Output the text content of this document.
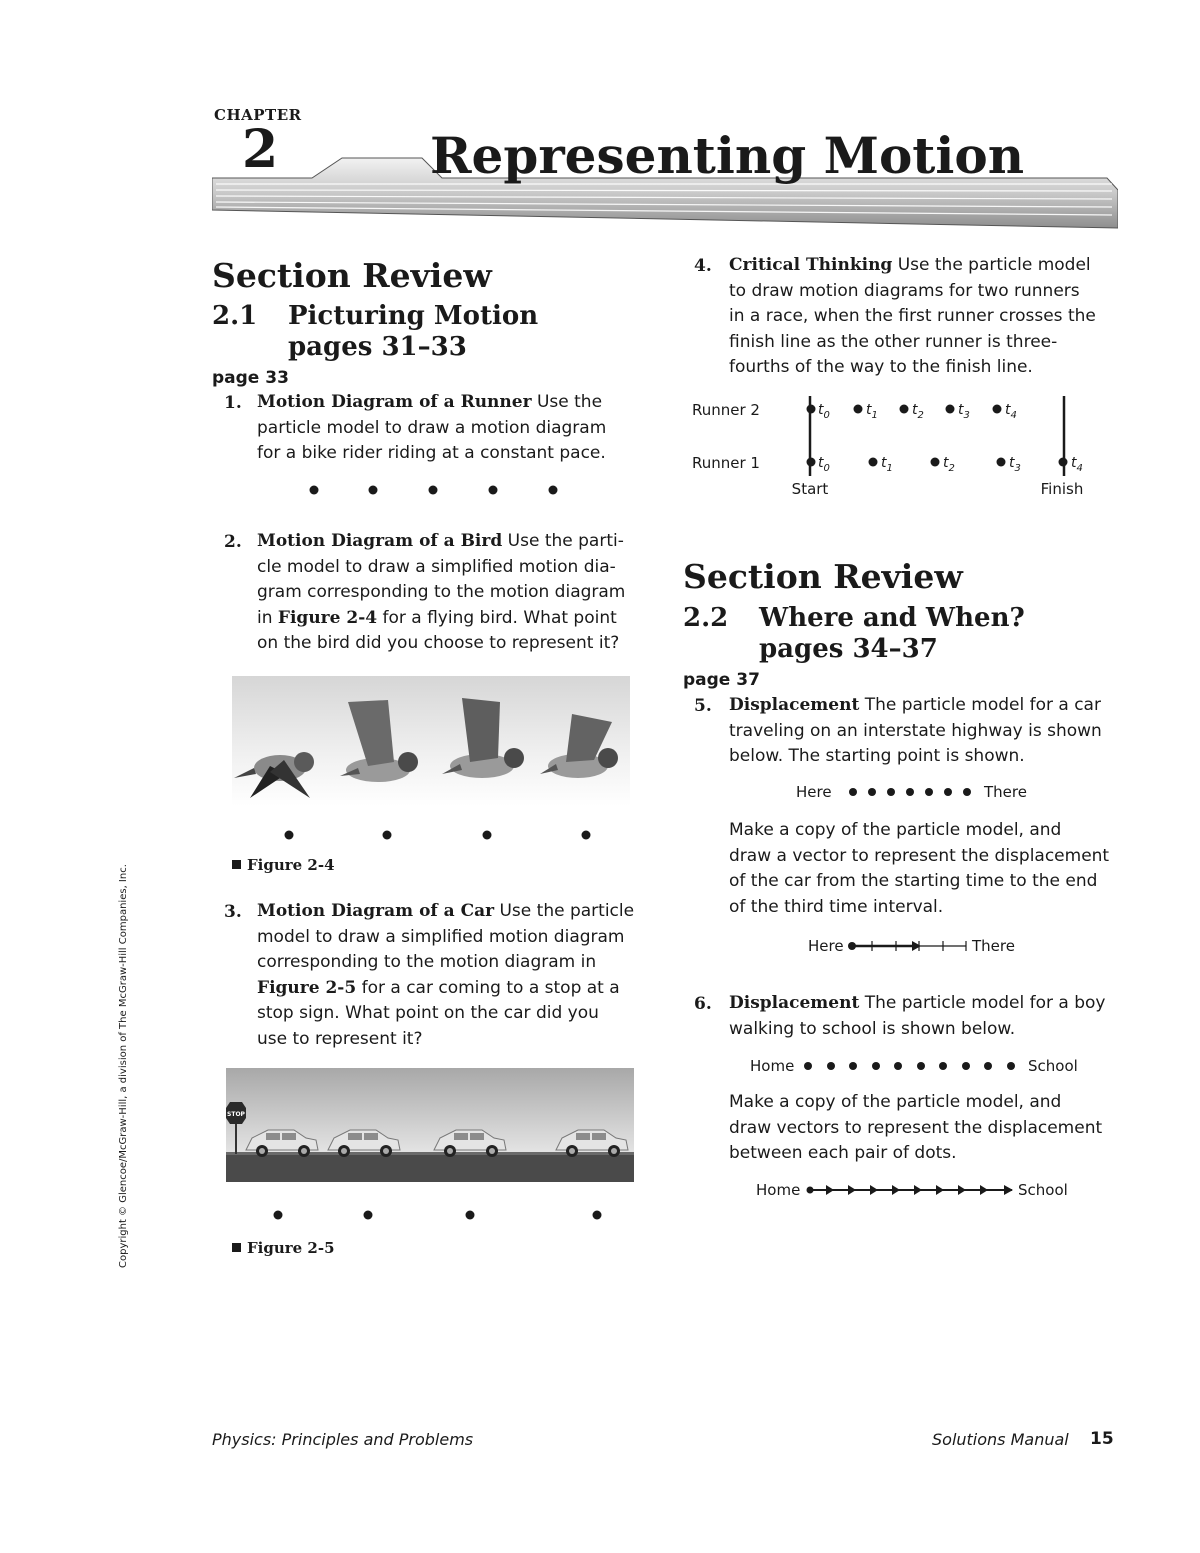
CHAPTER
2	Representing Motion
Section Review
2.1 Picturing Motion
pages 31–33
page 33
1. Motion Diagram of a Runner Use the
particle model to draw a motion diagram
for a bike rider riding at a constant pace.
2. Motion Diagram of a Bird Use the parti-
cle model to draw a simplified motion dia-
gram corresponding to the motion diagram
in Figure 2-4 for a flying bird. What point
on the bird did you choose to represent it?
Figure 2-4
3. Motion Diagram of a Car Use the particle
model to draw a simplified motion diagram
corresponding to the motion diagram in
Figure 2-5 for a car coming to a stop at a
stop sign. What point on the car did you
use to represent it?
STOP
Figure 2-5
4. Critical Thinking Use the particle model
to draw motion diagrams for two runners
in a race, when the first runner crosses the
finish line as the other runner is three-
fourths of the way to the finish line.
Runner 2
Runner 1
$t_0$	$t_1$ $t_2$ $t_3$	$t_4$
$t_0$	$t_1$	$t_2$	$t_3$	$t_4$
Start	Finish
Section Review
2.2 Where and When?
pages 34–37
page 37
5. Displacement The particle model for a car
traveling on an interstate highway is shown
below. The starting point is shown.
Here	There
Make a copy of the particle model, and
draw a vector to represent the displacement
of the car from the starting time to the end
of the third time interval.
Here	There
6. Displacement The particle model for a boy
walking to school is shown below.
Home	School
Make a copy of the particle model, and
draw vectors to represent the displacement
between each pair of dots.
Home	School
Copyright © Glencoe/McGraw-Hill, a division of The McGraw-Hill Companies, Inc.
Physics: Principles and Problems	Solutions Manual 15
